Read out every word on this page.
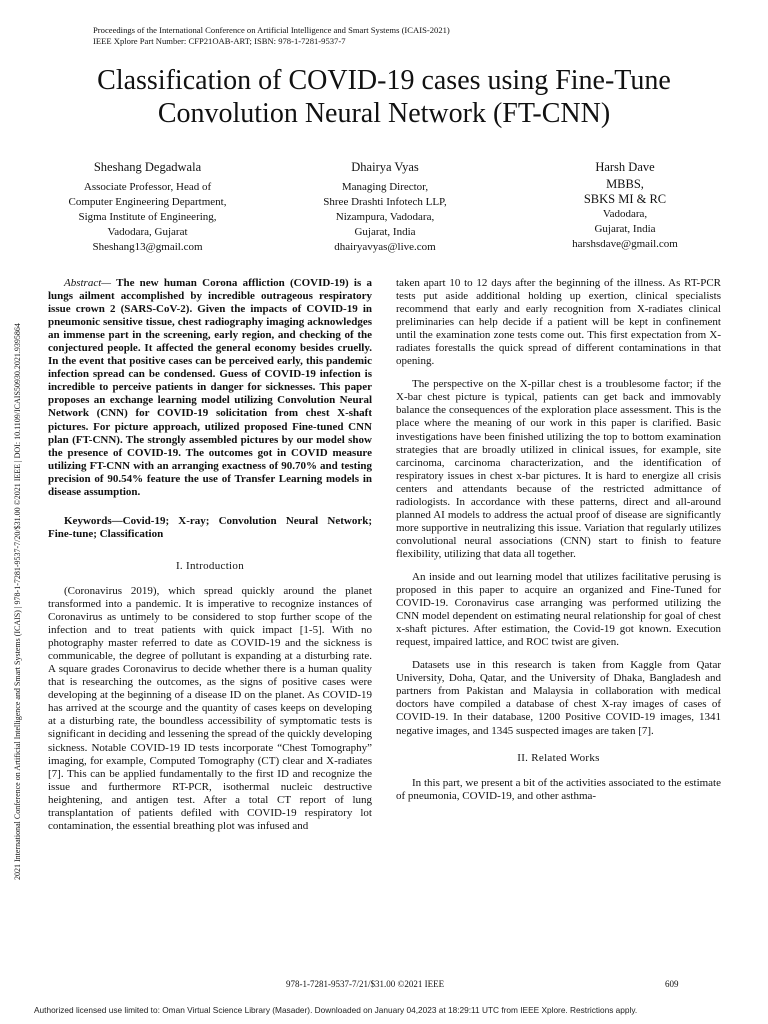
Proceedings of the International Conference on Artificial Intelligence and Smart Systems (ICAIS-2021)
IEEE Xplore Part Number: CFP21OAB-ART; ISBN: 978-1-7281-9537-7
Classification of COVID-19 cases using Fine-Tune
Convolution Neural Network (FT-CNN)
Sheshang Degadwala
Associate Professor, Head of
Computer Engineering Department,
Sigma Institute of Engineering,
Vadodara, Gujarat
Sheshang13@gmail.com
Dhairya Vyas
Managing Director,
Shree Drashti Infotech LLP,
Nizampura, Vadodara,
Gujarat, India
dhairyavyas@live.com
Harsh Dave
MBBS,
SBKS MI & RC
Vadodara,
Gujarat, India
harshsdave@gmail.com

Abstract— The new human Corona affliction (COVID-19) is a lungs ailment accomplished by incredible outrageous respiratory issue crown 2 (SARS-CoV-2). Given the impacts of COVID-19 in pneumonic sensitive tissue, chest radiography imaging acknowledges an immense part in the screening, early region, and checking of the conjectured people. It affected the general economy besides cruelly. In the event that positive cases can be perceived early, this pandemic infection spread can be condensed. Guess of COVID-19 infection is incredible to perceive patients in danger for sicknesses. This paper proposes an exchange learning model utilizing Convolution Neural Network (CNN) for COVID-19 solicitation from chest X-shaft pictures. For picture approach, utilized proposed Fine-tuned CNN plan (FT-CNN). The strongly assembled pictures by our model show the presence of COVID-19. The outcomes got in COVID measure utilizing FT-CNN with an arranging exactness of 90.70% and testing precision of 90.54% feature the use of Transfer Learning models in disease assumption.

Keywords—Covid-19; X-ray; Convolution Neural Network; Fine-tune; Classification

I. Introduction

(Coronavirus 2019), which spread quickly around the planet transformed into a pandemic. It is imperative to recognize instances of Coronavirus as untimely to be considered to stop further scope of the infection and to treat patients with quick impact [1-5]. With no photography master referred to date as COVID-19 and the sickness is communicable, the degree of pollutant is expanding at a disturbing rate. A square grades Coronavirus to decide whether there is a human quality that is researching the outcomes, as the signs of positive cases were developing at the beginning of a disease ID on the planet. As COVID-19 has arrived at the scourge and the quantity of cases keeps on developing at a disturbing rate, the boundless accessibility of symptomatic tests is significant in deciding and lessening the spread of the quickly developing sickness. Notable COVID-19 ID tests incorporate “Chest Tomography” imaging, for example, Computed Tomography (CT) clear and X-radiates [7]. This can be applied fundamentally to the first ID and recognize the issue and furthermore RT-PCR, isothermal nucleic destructive heightening, and antigen test. After a total CT report of lung transplantation of patients defiled with COVID-19 respiratory lot contamination, the essential breathing plot was infused and

taken apart 10 to 12 days after the beginning of the illness. As RT-PCR tests put aside additional holding up exertion, clinical specialists recommend that early and early recognition from X-radiates clinical preliminaries can help decide if a patient will be kept in confinement until the examination zone tests come out. This first expectation from X-radiates forestalls the quick spread of different contaminations in that opening.

The perspective on the X-pillar chest is a troublesome factor; if the X-bar chest picture is typical, patients can get back and immovably balance the consequences of the exploration place assessment. This is the place where the meaning of our work in this paper is clarified. Basic investigations have been finished utilizing the top to bottom examination strategies that are broadly utilized in clinical issues, for example, site carcinoma, carcinoma characterization, and the identification of respiratory issues in chest x-bar pictures. It is hard to energize all crisis centers and attendants because of the restricted admittance of radiologists. In accordance with these patterns, direct and all-around planned AI models to address the actual proof of disease are significantly more supportive in neutralizing this issue. Variation that regularly utilizes convolutional neural associations (CNN) start to finish to feature flexibility, utilizing that data all together.

An inside and out learning model that utilizes facilitative perusing is proposed in this paper to acquire an organized and Fine-Tuned for COVID-19. Coronavirus case arranging was performed utilizing the CNN model dependent on estimating neural relationship for goal of chest x-shaft pictures. After estimation, the Covid-19 got known. Execution request, impaired lattice, and ROC twist are given.

Datasets use in this research is taken from Kaggle from Qatar University, Doha, Qatar, and the University of Dhaka, Bangladesh and partners from Pakistan and Malaysia in collaboration with medical doctors have compiled a database of chest X-ray images of cases of COVID-19. In their database, 1200 Positive COVID-19 images, 1341 negative images, and 1345 suspected images are taken [7].

II. Related Works

In this part, we present a bit of the activities associated to the estimate of pneumonia, COVID-19, and other asthma-

2021 International Conference on Artificial Intelligence and Smart Systems (ICAIS) | 978-1-7281-9537-7/20/$31.00 ©2021 IEEE | DOI: 10.1109/ICAIS50930.2021.9395864
978-1-7281-9537-7/21/$31.00 ©2021 IEEE	609
Authorized licensed use limited to: Oman Virtual Science Library (Masader). Downloaded on January 04,2023 at 18:29:11 UTC from IEEE Xplore. Restrictions apply.
